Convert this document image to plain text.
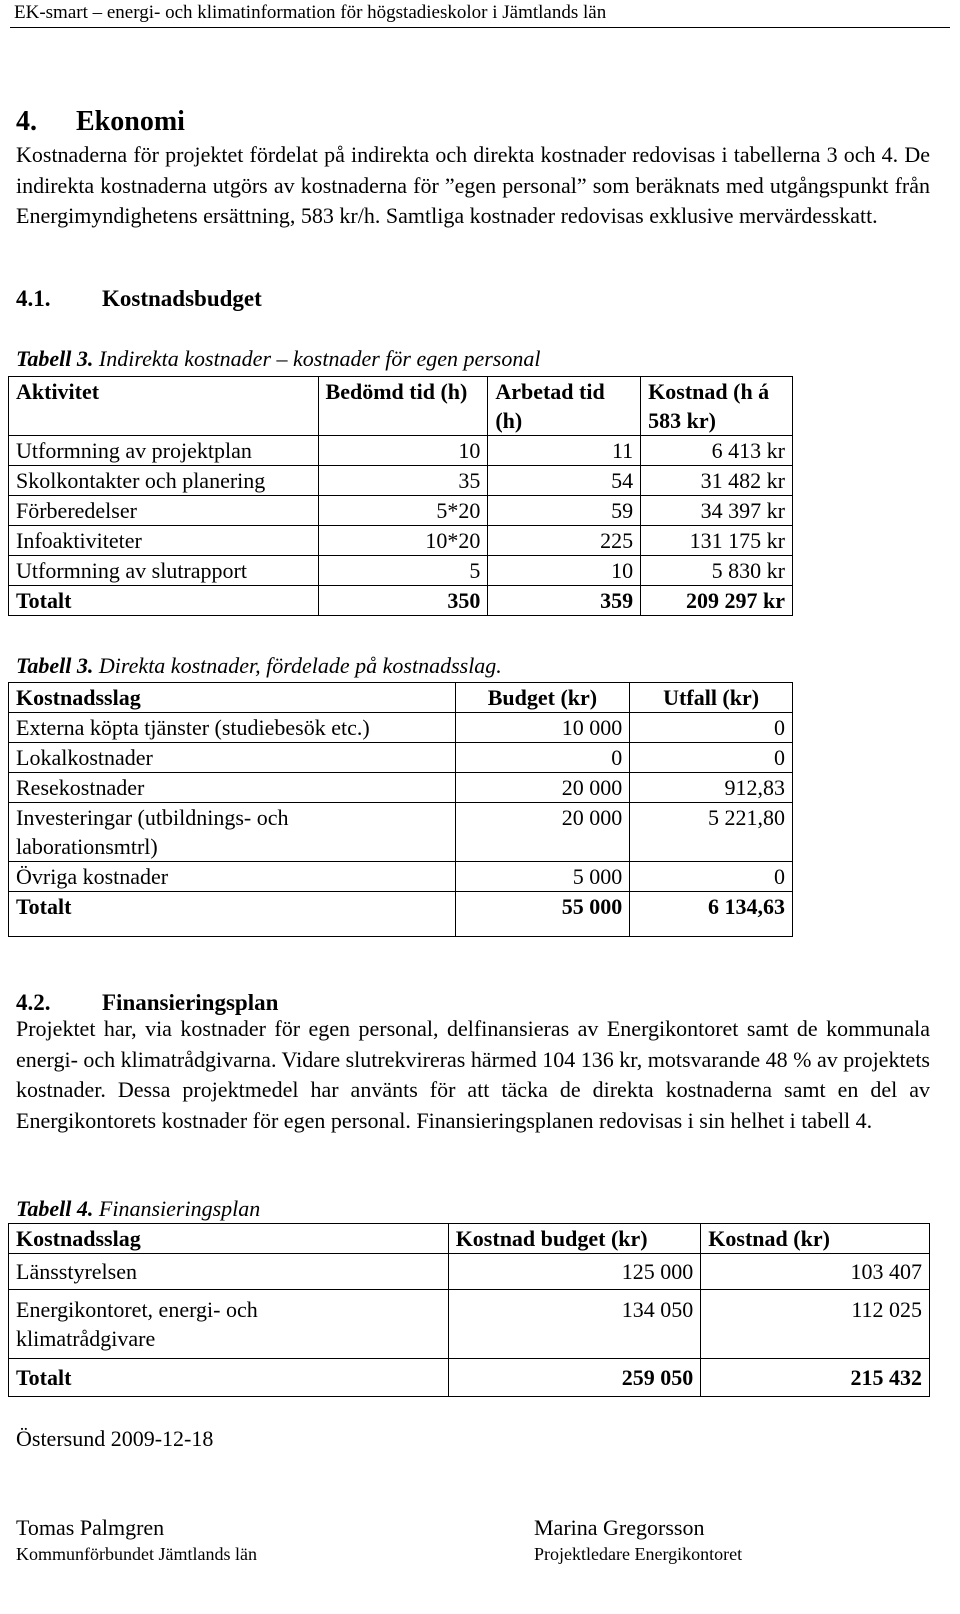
EK-smart – energi- och klimatinformation för högstadieskolor i Jämtlands län
4. Ekonomi

Kostnaderna för projektet fördelat på indirekta och direkta kostnader redovisas i tabellerna 3 och 4. De indirekta kostnaderna utgörs av kostnaderna för ”egen personal” som beräknats med utgångspunkt från Energimyndighetens ersättning, 583 kr/h. Samtliga kostnader redovisas exklusive mervärdesskatt.

4.1. Kostnadsbudget

Tabell 3. Indirekta kostnader – kostnader för egen personal

Aktivitet	Bedömd tid (h)	Arbetad tid (h)	Kostnad (h á 583 kr)
Utformning av projektplan	10	11	6 413 kr
Skolkontakter och planering	35	54	31 482 kr
Förberedelser	5*20	59	34 397 kr
Infoaktiviteter	10*20	225	131 175 kr
Utformning av slutrapport	5	10	5 830 kr
Totalt	350	359	209 297 kr

Tabell 3. Direkta kostnader, fördelade på kostnadsslag.

Kostnadsslag	Budget (kr)	Utfall (kr)
Externa köpta tjänster (studiebesök etc.)	10 000	0
Lokalkostnader	0	0
Resekostnader	20 000	912,83

Investeringar (utbildnings- och laborationsmtrl)	20 000	5 221,80
Övriga kostnader	5 000	0
Totalt	55 000	6 134,63
4.2. Finansieringsplan

Projektet har, via kostnader för egen personal, delfinansieras av Energikontoret samt de kommunala energi- och klimatrådgivarna. Vidare slutrekvireras härmed 104 136 kr, motsvarande 48 % av projektets kostnader. Dessa projektmedel har använts för att täcka de direkta kostnaderna samt en del av Energikontorets kostnader för egen personal. Finansieringsplanen redovisas i sin helhet i tabell 4.

Tabell 4. Finansieringsplan

Kostnadsslag	Kostnad budget (kr)	Kostnad (kr)
Länsstyrelsen	125 000	103 407

Energikontoret, energi- och klimatrådgivare	134 050	112 025
Totalt	259 050	215 432
Östersund 2009-12-18
Tomas Palmgren
Kommunförbundet Jämtlands län
Marina Gregorsson
Projektledare Energikontoret
